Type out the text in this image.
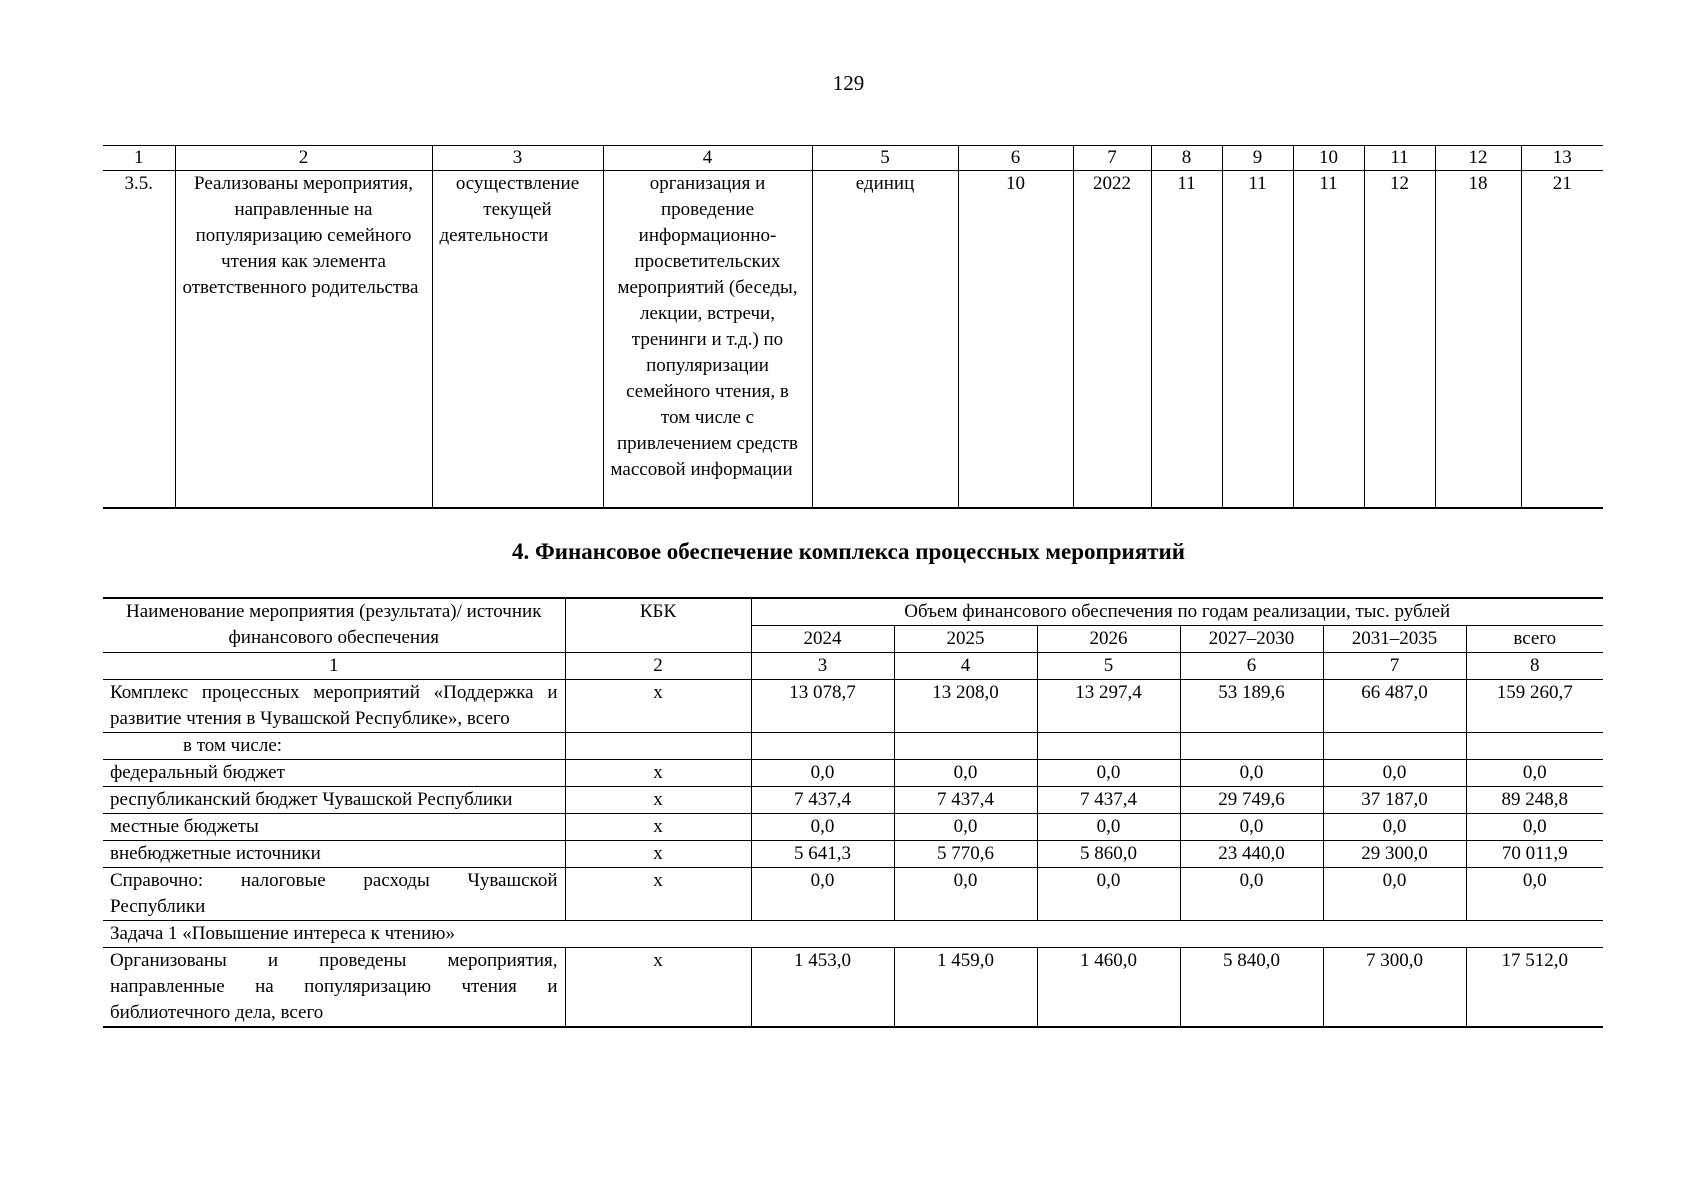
129
1	2	3	4	5	6	7	8	9	10	11	12	13
3.5.	Реализованы мероприятия, направленные на популяризацию семейного чтения как элемента ответственного родительства	осуществление текущей деятельности	организация и проведение информационно-просветительских мероприятий (беседы, лекции, встречи, тренинги и т.д.) по популяризации семейного чтения, в том числе с привлечением средств массовой информации	единиц	10	2022	11	11	11	12	18	21
4. Финансовое обеспечение комплекса процессных мероприятий
Наименование мероприятия (результата)/ источник финансового обеспечения	КБК	Объем финансового обеспечения по годам реализации, тыс. рублей					
		2024	2025	2026	2027–2030	2031–2035	всего
1	2	3	4	5	6	7	8
Комплекс процессных мероприятий «Поддержка и развитие чтения в Чувашской Республике», всего	x	13 078,7	13 208,0	13 297,4	53 189,6	66 487,0	159 260,7
в том числе:							
федеральный бюджет	x	0,0	0,0	0,0	0,0	0,0	0,0
республиканский бюджет Чувашской Республики	x	7 437,4	7 437,4	7 437,4	29 749,6	37 187,0	89 248,8
местные бюджеты	x	0,0	0,0	0,0	0,0	0,0	0,0
внебюджетные источники	x	5 641,3	5 770,6	5 860,0	23 440,0	29 300,0	70 011,9
Справочно: налоговые расходы Чувашской Республики	x	0,0	0,0	0,0	0,0	0,0	0,0
Задача 1 «Повышение интереса к чтению»							
Организованы и проведены мероприятия, направленные на популяризацию чтения и библиотечного дела, всего	x	1 453,0	1 459,0	1 460,0	5 840,0	7 300,0	17 512,0
